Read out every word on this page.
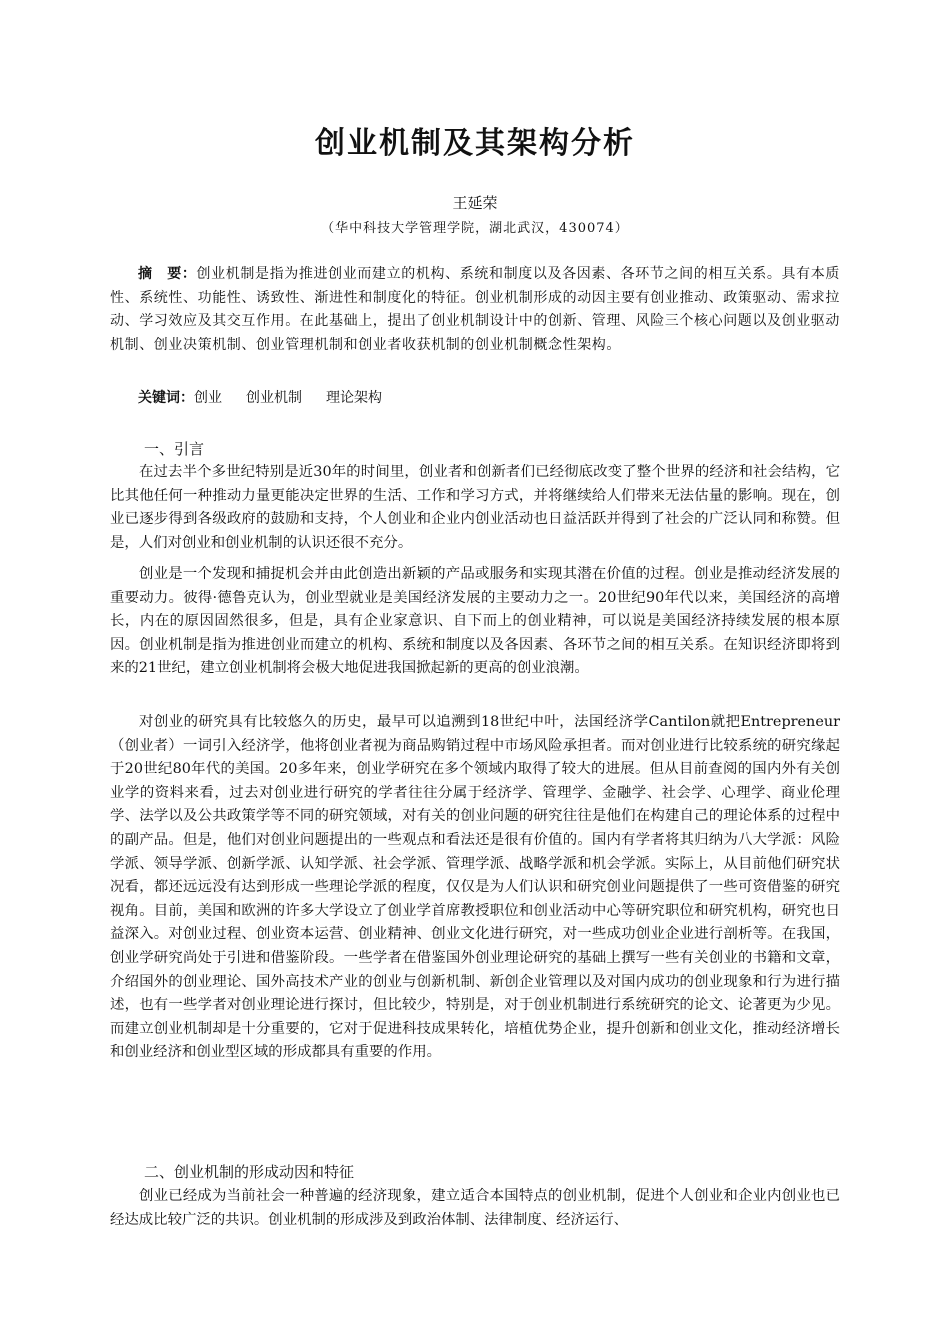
创业机制及其架构分析
王延荣
（华中科技大学管理学院，湖北武汉，430074）

摘　要：创业机制是指为推进创业而建立的机构、系统和制度以及各因素、各环节之间的相互关系。具有本质性、系统性、功能性、诱致性、渐进性和制度化的特征。创业机制形成的动因主要有创业推动、政策驱动、需求拉动、学习效应及其交互作用。在此基础上，提出了创业机制设计中的创新、管理、风险三个核心问题以及创业驱动机制、创业决策机制、创业管理机制和创业者收获机制的创业机制概念性架构。

关键词：创业 创业机制 理论架构

一、引言

在过去半个多世纪特别是近30年的时间里，创业者和创新者们已经彻底改变了整个世界的经济和社会结构，它比其他任何一种推动力量更能决定世界的生活、工作和学习方式，并将继续给人们带来无法估量的影响。现在，创业已逐步得到各级政府的鼓励和支持，个人创业和企业内创业活动也日益活跃并得到了社会的广泛认同和称赞。但是，人们对创业和创业机制的认识还很不充分。

创业是一个发现和捕捉机会并由此创造出新颖的产品或服务和实现其潜在价值的过程。创业是推动经济发展的重要动力。彼得·德鲁克认为，创业型就业是美国经济发展的主要动力之一。20世纪90年代以来，美国经济的高增长，内在的原因固然很多，但是，具有企业家意识、自下而上的创业精神，可以说是美国经济持续发展的根本原因。创业机制是指为推进创业而建立的机构、系统和制度以及各因素、各环节之间的相互关系。在知识经济即将到来的21世纪，建立创业机制将会极大地促进我国掀起新的更高的创业浪潮。

对创业的研究具有比较悠久的历史，最早可以追溯到18世纪中叶，法国经济学Cantilon就把Entrepreneur（创业者）一词引入经济学，他将创业者视为商品购销过程中市场风险承担者。而对创业进行比较系统的研究缘起于20世纪80年代的美国。20多年来，创业学研究在多个领域内取得了较大的进展。但从目前查阅的国内外有关创业学的资料来看，过去对创业进行研究的学者往往分属于经济学、管理学、金融学、社会学、心理学、商业伦理学、法学以及公共政策学等不同的研究领域，对有关的创业问题的研究往往是他们在构建自己的理论体系的过程中的副产品。但是，他们对创业问题提出的一些观点和看法还是很有价值的。国内有学者将其归纳为八大学派：风险学派、领导学派、创新学派、认知学派、社会学派、管理学派、战略学派和机会学派。实际上，从目前他们研究状况看，都还远远没有达到形成一些理论学派的程度，仅仅是为人们认识和研究创业问题提供了一些可资借鉴的研究视角。目前，美国和欧洲的许多大学设立了创业学首席教授职位和创业活动中心等研究职位和研究机构，研究也日益深入。对创业过程、创业资本运营、创业精神、创业文化进行研究，对一些成功创业企业进行剖析等。在我国，创业学研究尚处于引进和借鉴阶段。一些学者在借鉴国外创业理论研究的基础上撰写一些有关创业的书籍和文章，介绍国外的创业理论、国外高技术产业的创业与创新机制、新创企业管理以及对国内成功的创业现象和行为进行描述，也有一些学者对创业理论进行探讨，但比较少，特别是，对于创业机制进行系统研究的论文、论著更为少见。而建立创业机制却是十分重要的，它对于促进科技成果转化，培植优势企业，提升创新和创业文化，推动经济增长和创业经济和创业型区域的形成都具有重要的作用。

二、创业机制的形成动因和特征

创业已经成为当前社会一种普遍的经济现象，建立适合本国特点的创业机制，促进个人创业和企业内创业也已经达成比较广泛的共识。创业机制的形成涉及到政治体制、法律制度、经济运行、
